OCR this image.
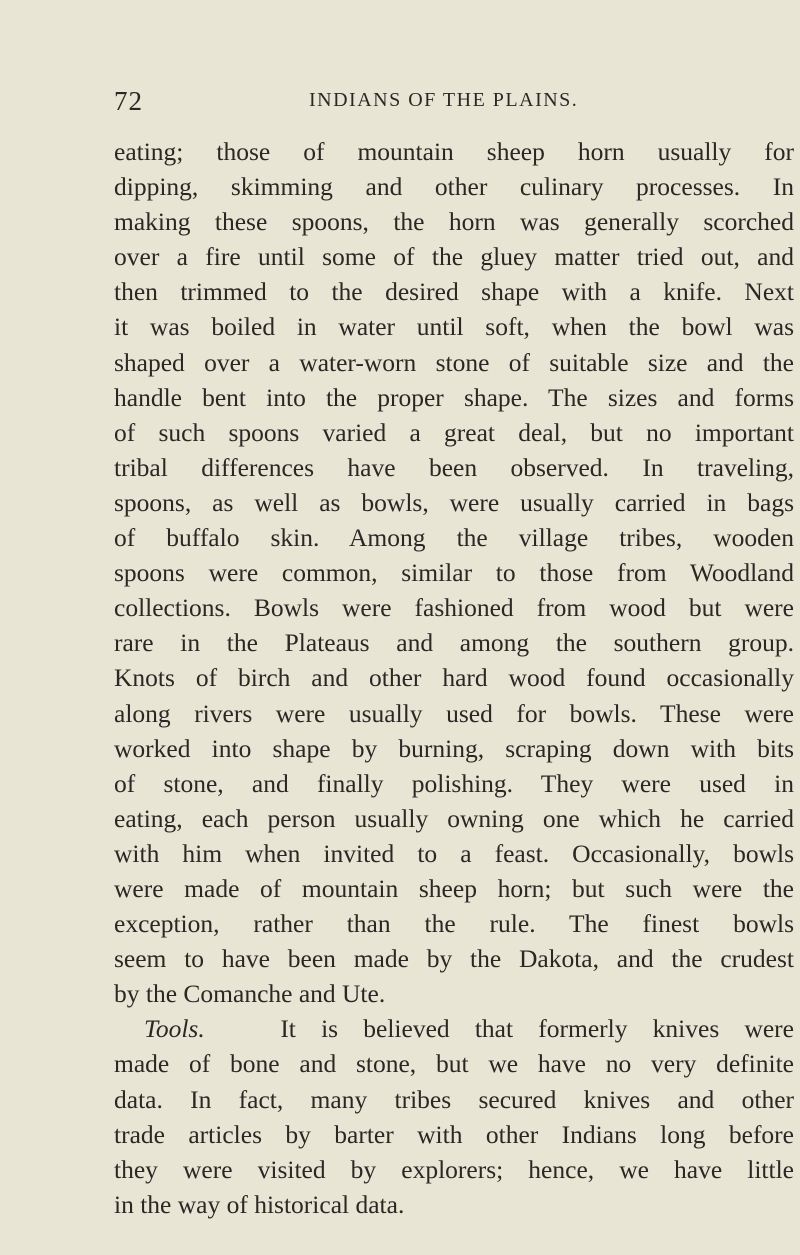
72	INDIANS OF THE PLAINS.
eating; those of mountain sheep horn usually for
dipping, skimming and other culinary processes. In
making these spoons, the horn was generally scorched
over a fire until some of the gluey matter tried out, and
then trimmed to the desired shape with a knife. Next
it was boiled in water until soft, when the bowl was
shaped over a water-worn stone of suitable size and the
handle bent into the proper shape. The sizes and forms
of such spoons varied a great deal, but no important
tribal differences have been observed. In traveling,
spoons, as well as bowls, were usually carried in bags
of buffalo skin. Among the village tribes, wooden
spoons were common, similar to those from Woodland
collections. Bowls were fashioned from wood but were
rare in the Plateaus and among the southern group.
Knots of birch and other hard wood found occasionally
along rivers were usually used for bowls. These were
worked into shape by burning, scraping down with bits
of stone, and finally polishing. They were used in
eating, each person usually owning one which he carried
with him when invited to a feast. Occasionally, bowls
were made of mountain sheep horn; but such were the
exception, rather than the rule. The finest bowls
seem to have been made by the Dakota, and the crudest
by the Comanche and Ute.
Tools.	It is believed that formerly knives were
made of bone and stone, but we have no very definite
data. In fact, many tribes secured knives and other
trade articles by barter with other Indians long before
they were visited by explorers; hence, we have little
in the way of historical data.
